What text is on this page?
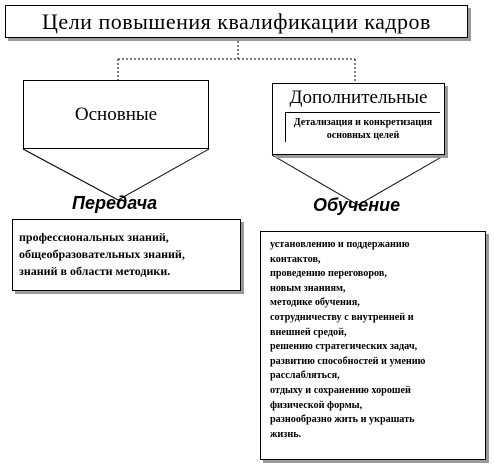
Цели повышения квалификации кадров
Основные
Дополнительные
Детализация и конкретизация основных целей
Передача	Обучение
профессиональных знаний,
общеобразовательных знаний,
знаний в области методики.
установлению и поддержанию
контактов,
проведению переговоров,
новым знаниям,
методике обучения,
сотрудничеству с внутренней и
внешней средой,
решению стратегических задач,
развитию способностей и умению
расслабляться,
отдыху и сохранению хорошей
физической формы,
разнообразно жить и украшать
жизнь.
